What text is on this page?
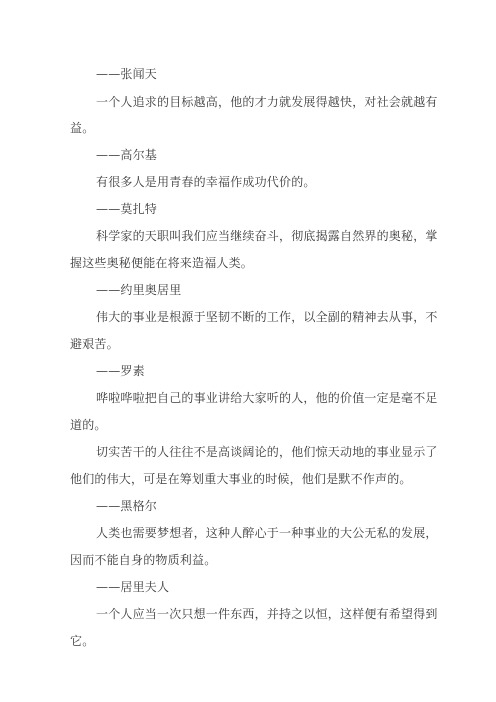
——张闻天
一个人追求的目标越高，他的才力就发展得越快，对社会就越有
益。
——高尔基
有很多人是用青春的幸福作成功代价的。
——莫扎特
科学家的天职叫我们应当继续奋斗，彻底揭露自然界的奥秘，掌
握这些奥秘便能在将来造福人类。
——约里奥居里
伟大的事业是根源于坚韧不断的工作，以全副的精神去从事，不
避艰苦。
——罗素
哗啦哗啦把自己的事业讲给大家听的人，他的价值一定是毫不足
道的。
切实苦干的人往往不是高谈阔论的，他们惊天动地的事业显示了
他们的伟大，可是在筹划重大事业的时候，他们是默不作声的。
——黑格尔
人类也需要梦想者，这种人醉心于一种事业的大公无私的发展，
因而不能自身的物质利益。
——居里夫人
一个人应当一次只想一件东西，并持之以恒，这样便有希望得到
它。
